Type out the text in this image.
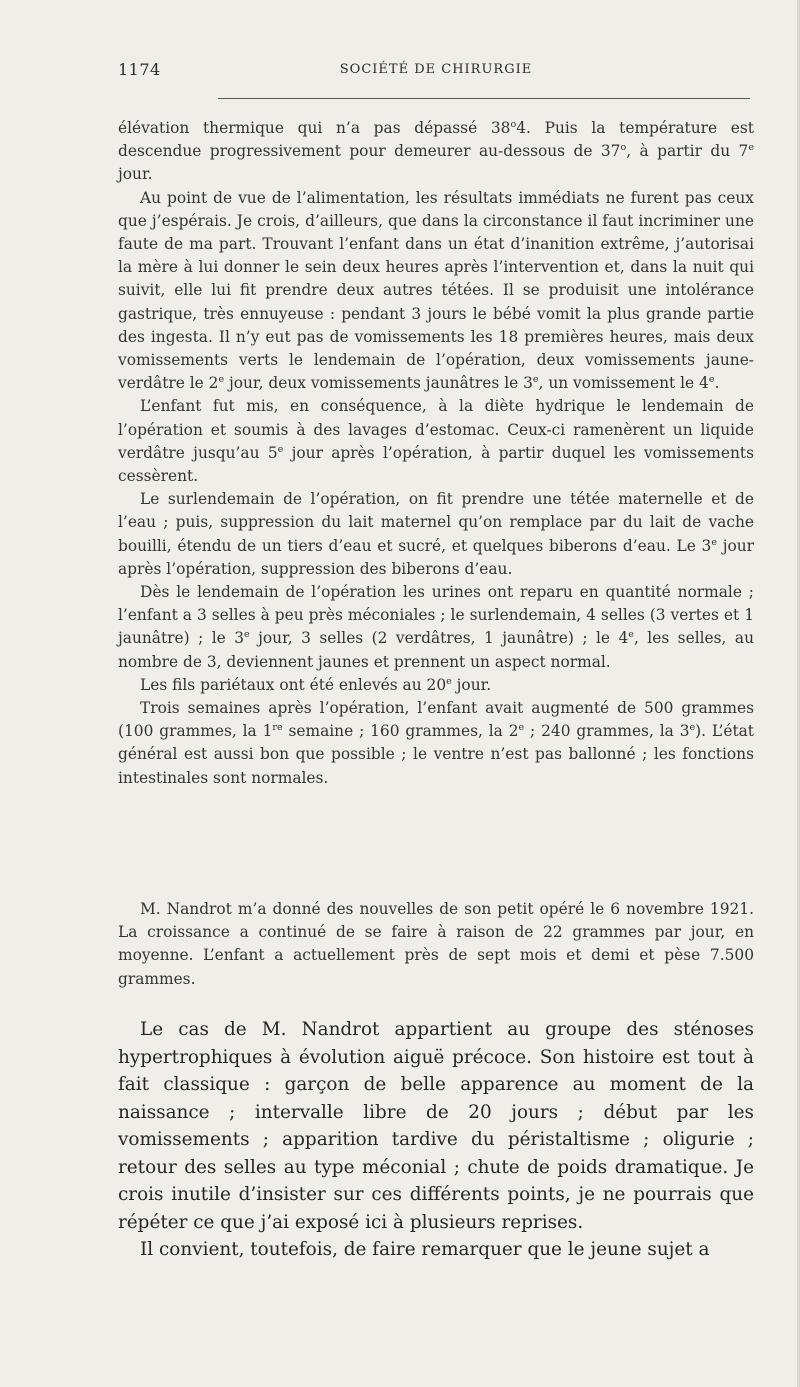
1174	SOCIÉTÉ DE CHIRURGIE

élévation thermique qui n’a pas dépassé 38$^o$4. Puis la température est descendue progressivement pour demeurer au-dessous de 37$^o$, à partir du 7e jour.

Au point de vue de l’alimentation, les résultats immédiats ne furent pas ceux que j’espérais. Je crois, d’ailleurs, que dans la circonstance il faut incriminer une faute de ma part. Trouvant l’enfant dans un état d’inanition extrême, j’autorisai la mère à lui donner le sein deux heures après l’intervention et, dans la nuit qui suivit, elle lui fit prendre deux autres tétées. Il se produisit une intolérance gastrique, très ennuyeuse : pendant 3 jours le bébé vomit la plus grande partie des ingesta. Il n’y eut pas de vomissements les 18 premières heures, mais deux vomissements verts le lendemain de l’opération, deux vomissements jaune-verdâtre le 2e jour, deux vomissements jaunâtres le 3e, un vomissement le 4e.

L’enfant fut mis, en conséquence, à la diète hydrique le lendemain de l’opération et soumis à des lavages d’estomac. Ceux-ci ramenèrent un liquide verdâtre jusqu’au 5e jour après l’opération, à partir duquel les vomissements cessèrent.

Le surlendemain de l’opération, on fit prendre une tétée maternelle et de l’eau ; puis, suppression du lait maternel qu’on remplace par du lait de vache bouilli, étendu de un tiers d’eau et sucré, et quelques biberons d’eau. Le 3e jour après l’opération, suppression des biberons d’eau.

Dès le lendemain de l’opération les urines ont reparu en quantité normale ; l’enfant a 3 selles à peu près méconiales ; le surlendemain, 4 selles (3 vertes et 1 jaunâtre) ; le 3e jour, 3 selles (2 verdâtres, 1 jaunâtre) ; le 4e, les selles, au nombre de 3, deviennent jaunes et prennent un aspect normal.

Les fils pariétaux ont été enlevés au 20e jour.

Trois semaines après l’opération, l’enfant avait augmenté de 500 grammes (100 grammes, la 1re semaine ; 160 grammes, la 2e ; 240 grammes, la 3e). L’état général est aussi bon que possible ; le ventre n’est pas ballonné ; les fonctions intestinales sont normales.

M. Nandrot m’a donné des nouvelles de son petit opéré le 6 novembre 1921. La croissance a continué de se faire à raison de 22 grammes par jour, en moyenne. L’enfant a actuellement près de sept mois et demi et pèse 7.500 grammes.

Le cas de M. Nandrot appartient au groupe des sténoses hypertrophiques à évolution aiguë précoce. Son histoire est tout à fait classique : garçon de belle apparence au moment de la naissance ; intervalle libre de 20 jours ; début par les vomissements ; apparition tardive du péristaltisme ; oligurie ; retour des selles au type méconial ; chute de poids dramatique. Je crois inutile d’insister sur ces différents points, je ne pourrais que répéter ce que j’ai exposé ici à plusieurs reprises.

Il convient, toutefois, de faire remarquer que le jeune sujet a
